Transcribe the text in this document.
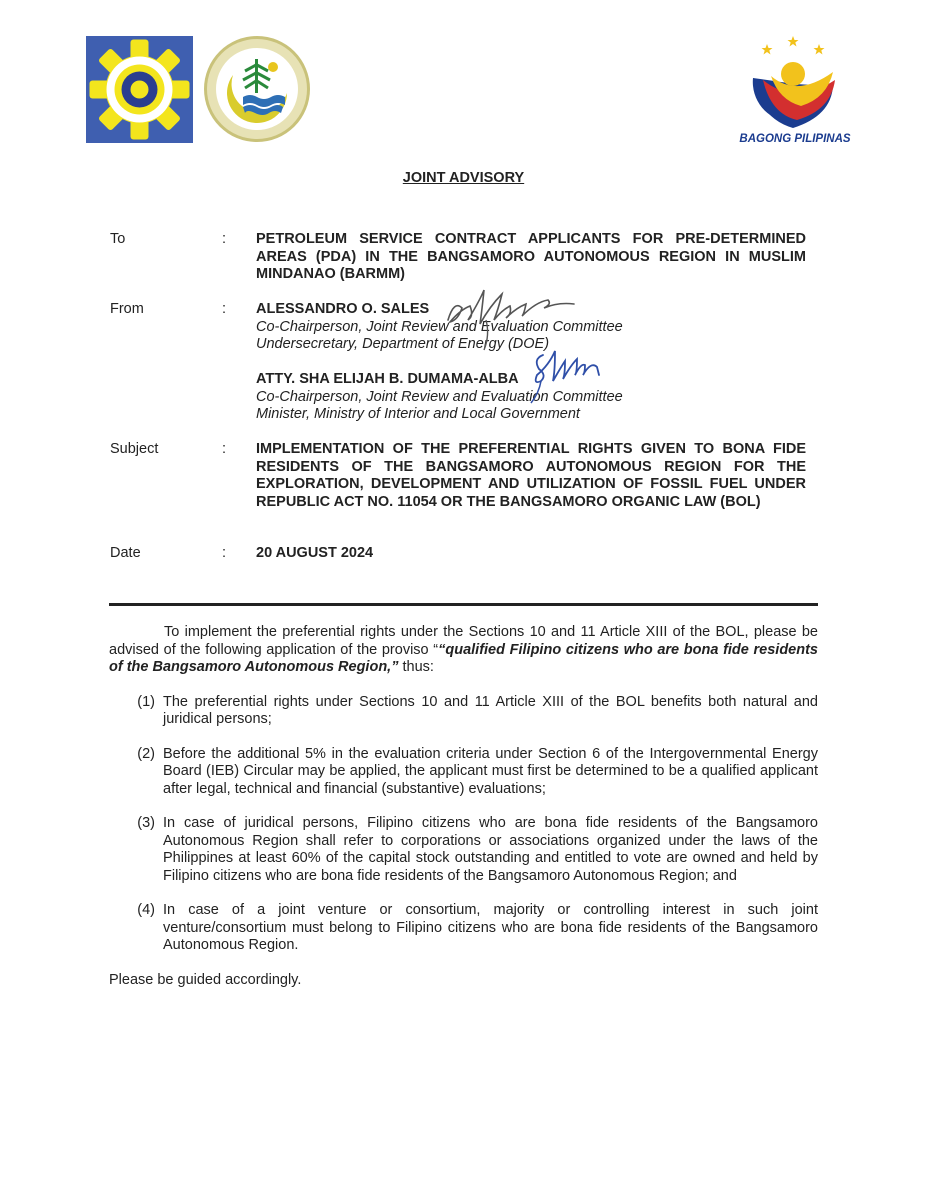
BAGONG PILIPINAS
JOINT ADVISORY
To	: PETROLEUM SERVICE CONTRACT APPLICANTS FOR PRE-DETERMINED AREAS (PDA) IN THE BANGSAMORO AUTONOMOUS REGION IN MUSLIM MINDANAO (BARMM)
From	: ALESSANDRO O. SALES
Co-Chairperson, Joint Review and Evaluation Committee
Undersecretary, Department of Energy (DOE)
ATTY. SHA ELIJAH B. DUMAMA-ALBA
Co-Chairperson, Joint Review and Evaluation Committee
Minister, Ministry of Interior and Local Government
Subject	: IMPLEMENTATION OF THE PREFERENTIAL RIGHTS GIVEN TO BONA FIDE RESIDENTS OF THE BANGSAMORO AUTONOMOUS REGION FOR THE EXPLORATION, DEVELOPMENT AND UTILIZATION OF FOSSIL FUEL UNDER REPUBLIC ACT NO. 11054 OR THE BANGSAMORO ORGANIC LAW (BOL)
Date	: 20 AUGUST 2024

To implement the preferential rights under the Sections 10 and 11 Article XIII of the BOL, please be advised of the following application of the proviso ““qualified Filipino citizens who are bona fide residents of the Bangsamoro Autonomous Region,” thus:

(1) The preferential rights under Sections 10 and 11 Article XIII of the BOL benefits both natural and juridical persons;
(2) Before the additional 5% in the evaluation criteria under Section 6 of the Intergovernmental Energy Board (IEB) Circular may be applied, the applicant must first be determined to be a qualified applicant after legal, technical and financial (substantive) evaluations;
(3) In case of juridical persons, Filipino citizens who are bona fide residents of the Bangsamoro Autonomous Region shall refer to corporations or associations organized under the laws of the Philippines at least 60% of the capital stock outstanding and entitled to vote are owned and held by Filipino citizens who are bona fide residents of the Bangsamoro Autonomous Region; and
(4) In case of a joint venture or consortium, majority or controlling interest in such joint venture/consortium must belong to Filipino citizens who are bona fide residents of the Bangsamoro Autonomous Region.

Please be guided accordingly.
